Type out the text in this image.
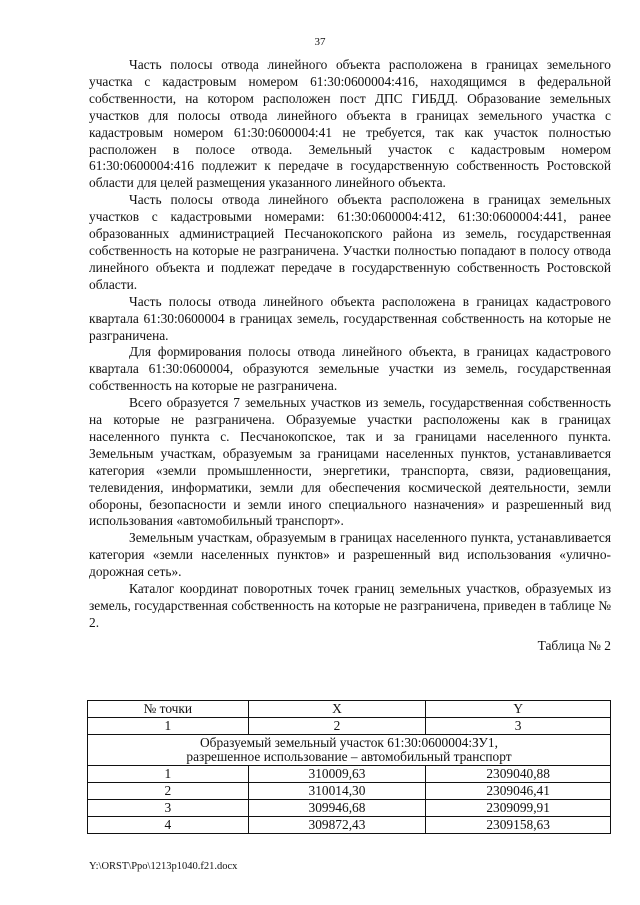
37

Часть полосы отвода линейного объекта расположена в границах земельного участка с кадастровым номером 61:30:0600004:416, находящимся в федеральной собственности, на котором расположен пост ДПС ГИБДД. Образование земельных участков для полосы отвода линейного объекта в границах земельного участка с кадастровым номером 61:30:0600004:41 не требуется, так как участок полностью расположен в полосе отвода. Земельный участок с кадастровым номером 61:30:0600004:416 подлежит к передаче в государственную собственность Ростовской области для целей размещения указанного линейного объекта.

Часть полосы отвода линейного объекта расположена в границах земельных участков с кадастровыми номерами: 61:30:0600004:412, 61:30:0600004:441, ранее образованных администрацией Песчанокопского района из земель, государственная собственность на которые не разграничена. Участки полностью попадают в полосу отвода линейного объекта и подлежат передаче в государственную собственность Ростовской области.

Часть полосы отвода линейного объекта расположена в границах кадастрового квартала 61:30:0600004 в границах земель, государственная собственность на которые не разграничена.

Для формирования полосы отвода линейного объекта, в границах кадастрового квартала 61:30:0600004, образуются земельные участки из земель, государственная собственность на которые не разграничена.

Всего образуется 7 земельных участков из земель, государственная собственность на которые не разграничена. Образуемые участки расположены как в границах населенного пункта с. Песчанокопское, так и за границами населенного пункта. Земельным участкам, образуемым за границами населенных пунктов, устанавливается категория «земли промышленности, энергетики, транспорта, связи, радиовещания, телевидения, информатики, земли для обеспечения космической деятельности, земли обороны, безопасности и земли иного специального назначения» и разрешенный вид использования «автомобильный транспорт».

Земельным участкам, образуемым в границах населенного пункта, устанавливается категория «земли населенных пунктов» и разрешенный вид использования «улично-дорожная сеть».

Каталог координат поворотных точек границ земельных участков, образуемых из земель, государственная собственность на которые не разграничена, приведен в таблице № 2.

Таблица № 2

№ точки	X	Y
1	2	3

Образуемый земельный участок 61:30:0600004:ЗУ1,
разрешенное использование – автомобильный транспорт		

1	310009,63	2309040,88
2	310014,30	2309046,41
3	309946,68	2309099,91
4	309872,43	2309158,63
Y:\ORST\Ppo\1213p1040.f21.docx
